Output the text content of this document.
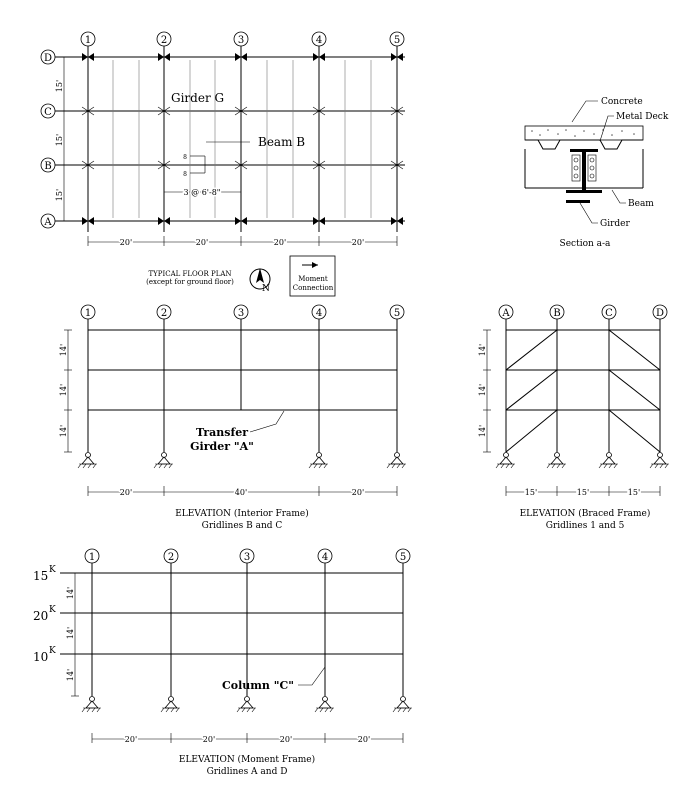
1	2	3	4	5
D
C
B
A
15'
15'
15'
20'	20'	20'	20'
3 @ 6'-8"
8
8
Girder G
Beam B
TYPICAL FLOOR PLAN
(except for ground floor)
N
Moment
Connection
Concrete
Metal Deck
Beam
Girder
Section a-a
1	2	3	4	5
14'
14'
14'
20'	40'	20'
Transfer
Girder "A"
ELEVATION (Interior Frame)
Gridlines B and C
A	B	C	D
14'
14'
14'
15'	15'	15'
ELEVATION (Braced Frame)
Gridlines 1 and 5
1	2	3	4	5
15 K
20 K
10 K
14'
14'
14'
20'	20'	20'	20'
Column "C"
ELEVATION (Moment Frame)
Gridlines A and D
